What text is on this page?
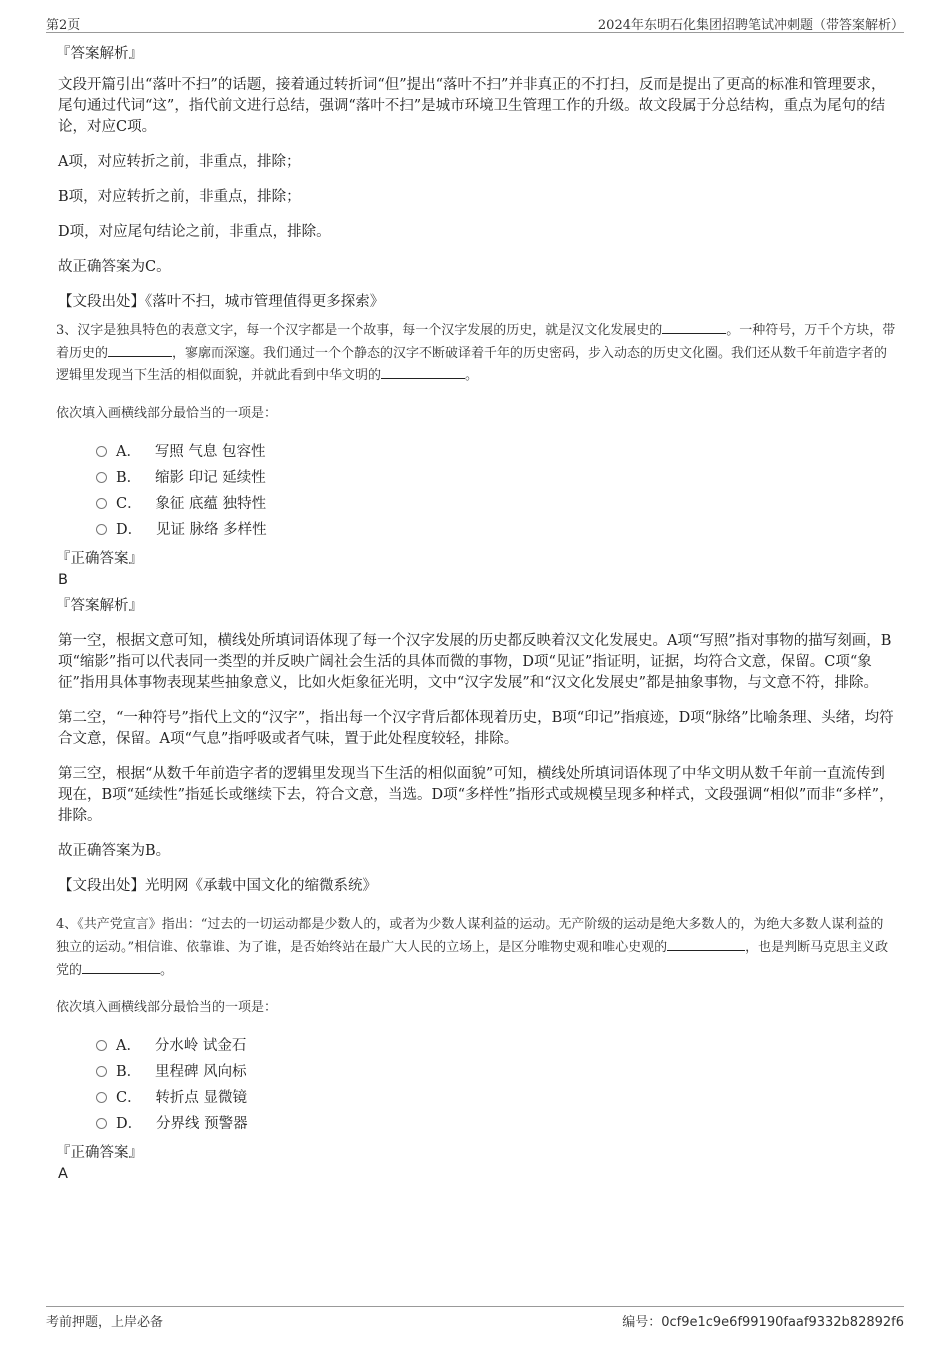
第2页	2024年东明石化集团招聘笔试冲刺题（带答案解析）
『答案解析』

文段开篇引出“落叶不扫”的话题，接着通过转折词“但”提出“落叶不扫”并非真正的不打扫，反而是提出了更高的标准和管理要求，尾句通过代词“这”，指代前文进行总结，强调“落叶不扫”是城市环境卫生管理工作的升级。故文段属于分总结构，重点为尾句的结论，对应C项。

A项，对应转折之前，非重点，排除；

B项，对应转折之前，非重点，排除；

D项，对应尾句结论之前，非重点，排除。

故正确答案为C。

【文段出处】《落叶不扫，城市管理值得更多探索》

3、汉字是独具特色的表意文字，每一个汉字都是一个故事，每一个汉字发展的历史，就是汉文化发展史的	。一种符号，万千个方块，带着历史的	，寥廓而深邃。我们通过一个个静态的汉字不断破译着千年的历史密码，步入动态的历史文化圈。我们还从数千年前造字者的逻辑里发现当下生活的相似面貌，并就此看到中华文明的	。
依次填入画横线部分最恰当的一项是：
A． 写照 气息 包容性
B． 缩影 印记 延续性
C． 象征 底蕴 独特性
D． 见证 脉络 多样性
『正确答案』
B
『答案解析』

第一空，根据文意可知，横线处所填词语体现了每一个汉字发展的历史都反映着汉文化发展史。A项“写照”指对事物的描写刻画，B项“缩影”指可以代表同一类型的并反映广阔社会生活的具体而微的事物，D项“见证”指证明，证据，均符合文意，保留。C项“象征”指用具体事物表现某些抽象意义，比如火炬象征光明，文中“汉字发展”和“汉文化发展史”都是抽象事物，与文意不符，排除。

第二空，“一种符号”指代上文的“汉字”，指出每一个汉字背后都体现着历史，B项“印记”指痕迹，D项“脉络”比喻条理、头绪，均符合文意，保留。A项“气息”指呼吸或者气味，置于此处程度较轻，排除。

第三空，根据“从数千年前造字者的逻辑里发现当下生活的相似面貌”可知，横线处所填词语体现了中华文明从数千年前一直流传到现在，B项“延续性”指延长或继续下去，符合文意，当选。D项“多样性”指形式或规模呈现多种样式，文段强调“相似”而非“多样”，排除。

故正确答案为B。

【文段出处】光明网《承载中国文化的缩微系统》

4、《共产党宣言》指出：“过去的一切运动都是少数人的，或者为少数人谋利益的运动。无产阶级的运动是绝大多数人的，为绝大多数人谋利益的独立的运动。”相信谁、依靠谁、为了谁，是否始终站在最广大人民的立场上，是区分唯物史观和唯心史观的	，也是判断马克思主义政党的	。
依次填入画横线部分最恰当的一项是：
A． 分水岭 试金石
B． 里程碑 风向标
C． 转折点 显微镜
D． 分界线 预警器
『正确答案』
A
考前押题，上岸必备	编号：0cf9e1c9e6f99190faaf9332b82892f6
